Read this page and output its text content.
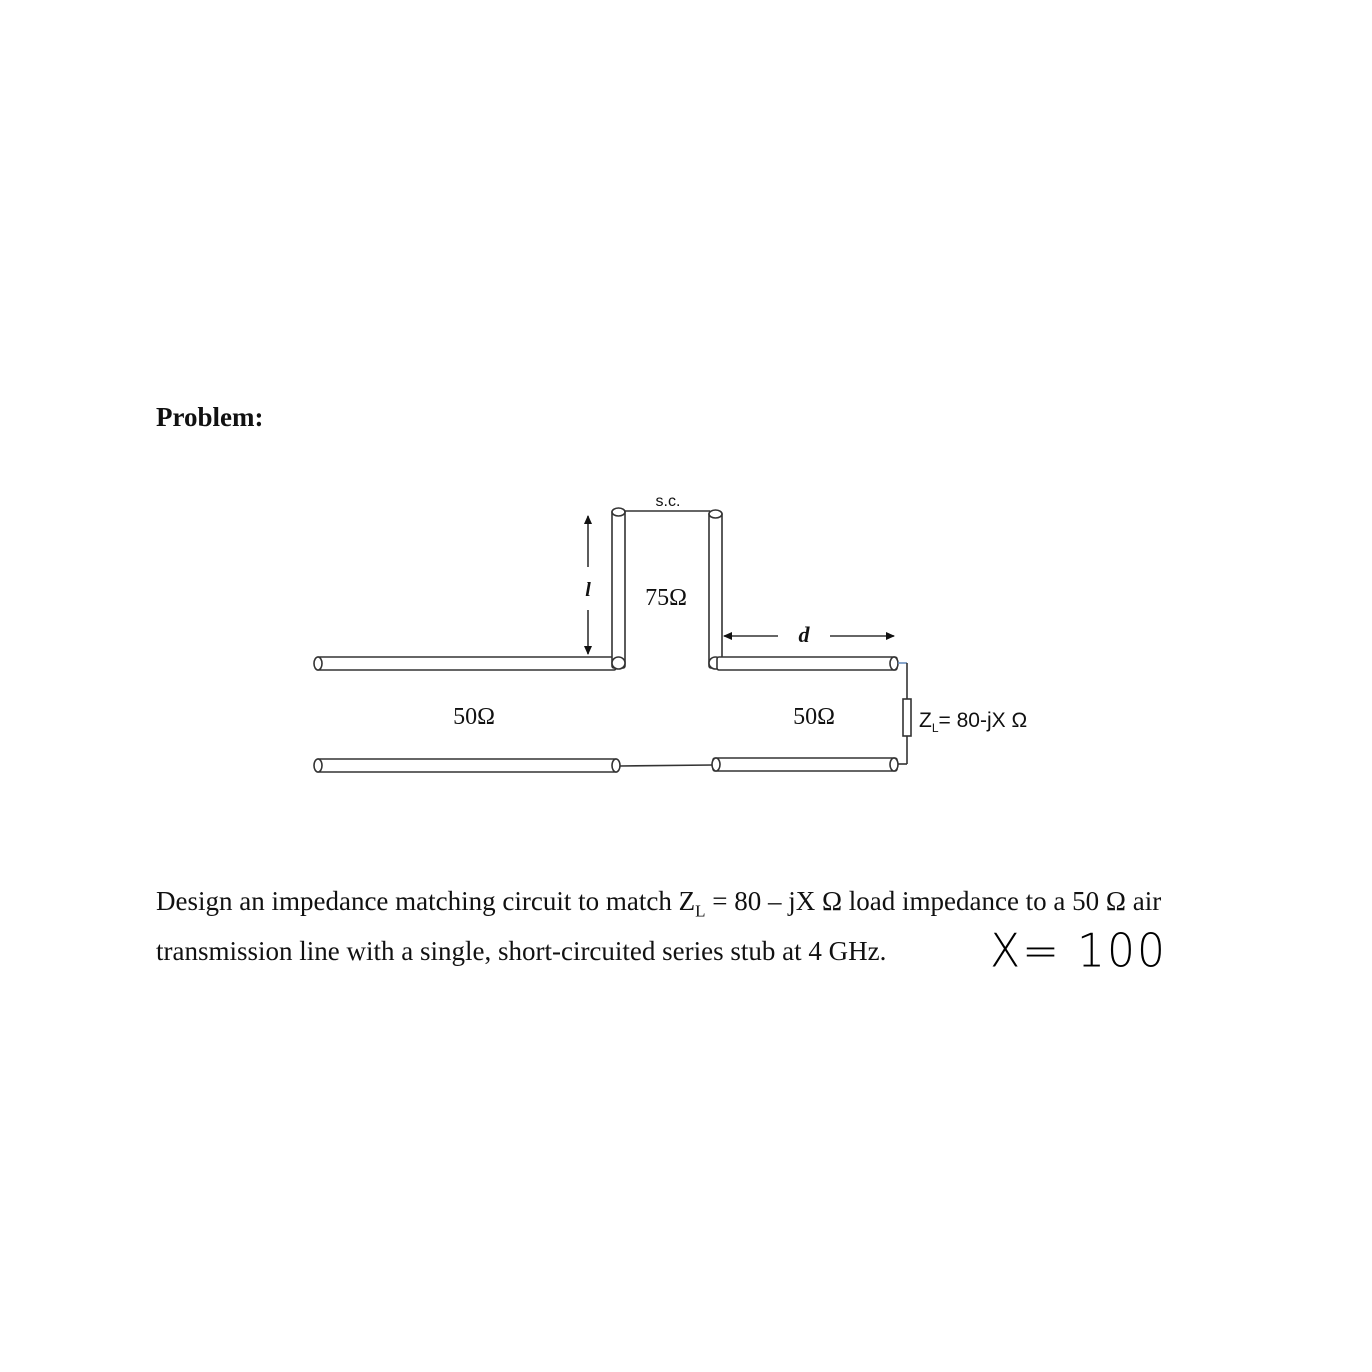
Problem:
s.c.
l 75Ω
d
50Ω	50Ω	$Z_L= 80-jX$ Ω
Design an impedance matching circuit to match $Z_L = 80$ – jX Ω load impedance to a 50 Ω air
transmission line with a single, short-circuited series stub at 4 GHz. X= 100
